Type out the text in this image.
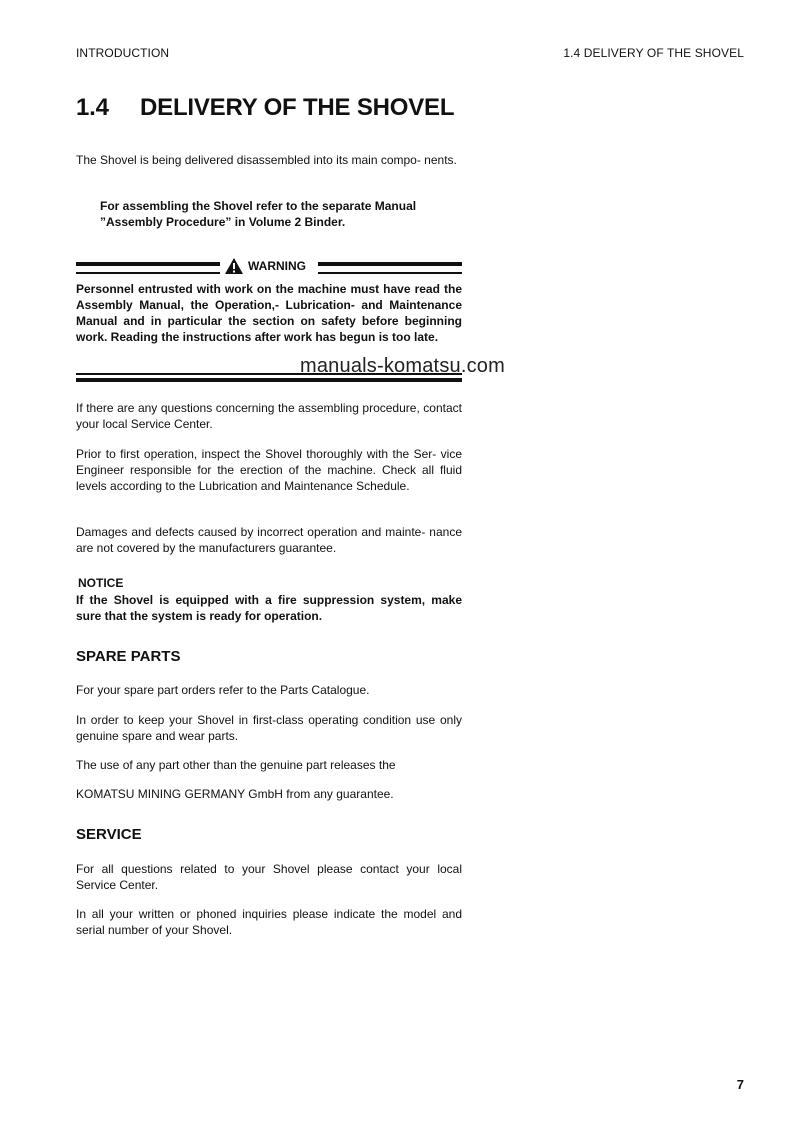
INTRODUCTION	1.4 DELIVERY OF THE SHOVEL
1.4 DELIVERY OF THE SHOVEL

The Shovel is being delivered disassembled into its main compo- nents.

For assembling the Shovel refer to the separate Manual ”Assembly Procedure” in Volume 2 Binder.

WARNING

Personnel entrusted with work on the machine must have read the Assembly Manual, the Operation,- Lubrication- and Maintenance Manual and in particular the section on safety before beginning work. Reading the instructions after work has begun is too late.

manuals-komatsu.com

If there are any questions concerning the assembling procedure, contact your local Service Center.

Prior to first operation, inspect the Shovel thoroughly with the Ser- vice Engineer responsible for the erection of the machine. Check all fluid levels according to the Lubrication and Maintenance Schedule.

Damages and defects caused by incorrect operation and mainte- nance are not covered by the manufacturers guarantee.

NOTICE

If the Shovel is equipped with a fire suppression system, make sure that the system is ready for operation.

SPARE PARTS

For your spare part orders refer to the Parts Catalogue.

In order to keep your Shovel in first-class operating condition use only genuine spare and wear parts.

The use of any part other than the genuine part releases the

KOMATSU MINING GERMANY GmbH from any guarantee.

SERVICE

For all questions related to your Shovel please contact your local Service Center.

In all your written or phoned inquiries please indicate the model and serial number of your Shovel.

7
